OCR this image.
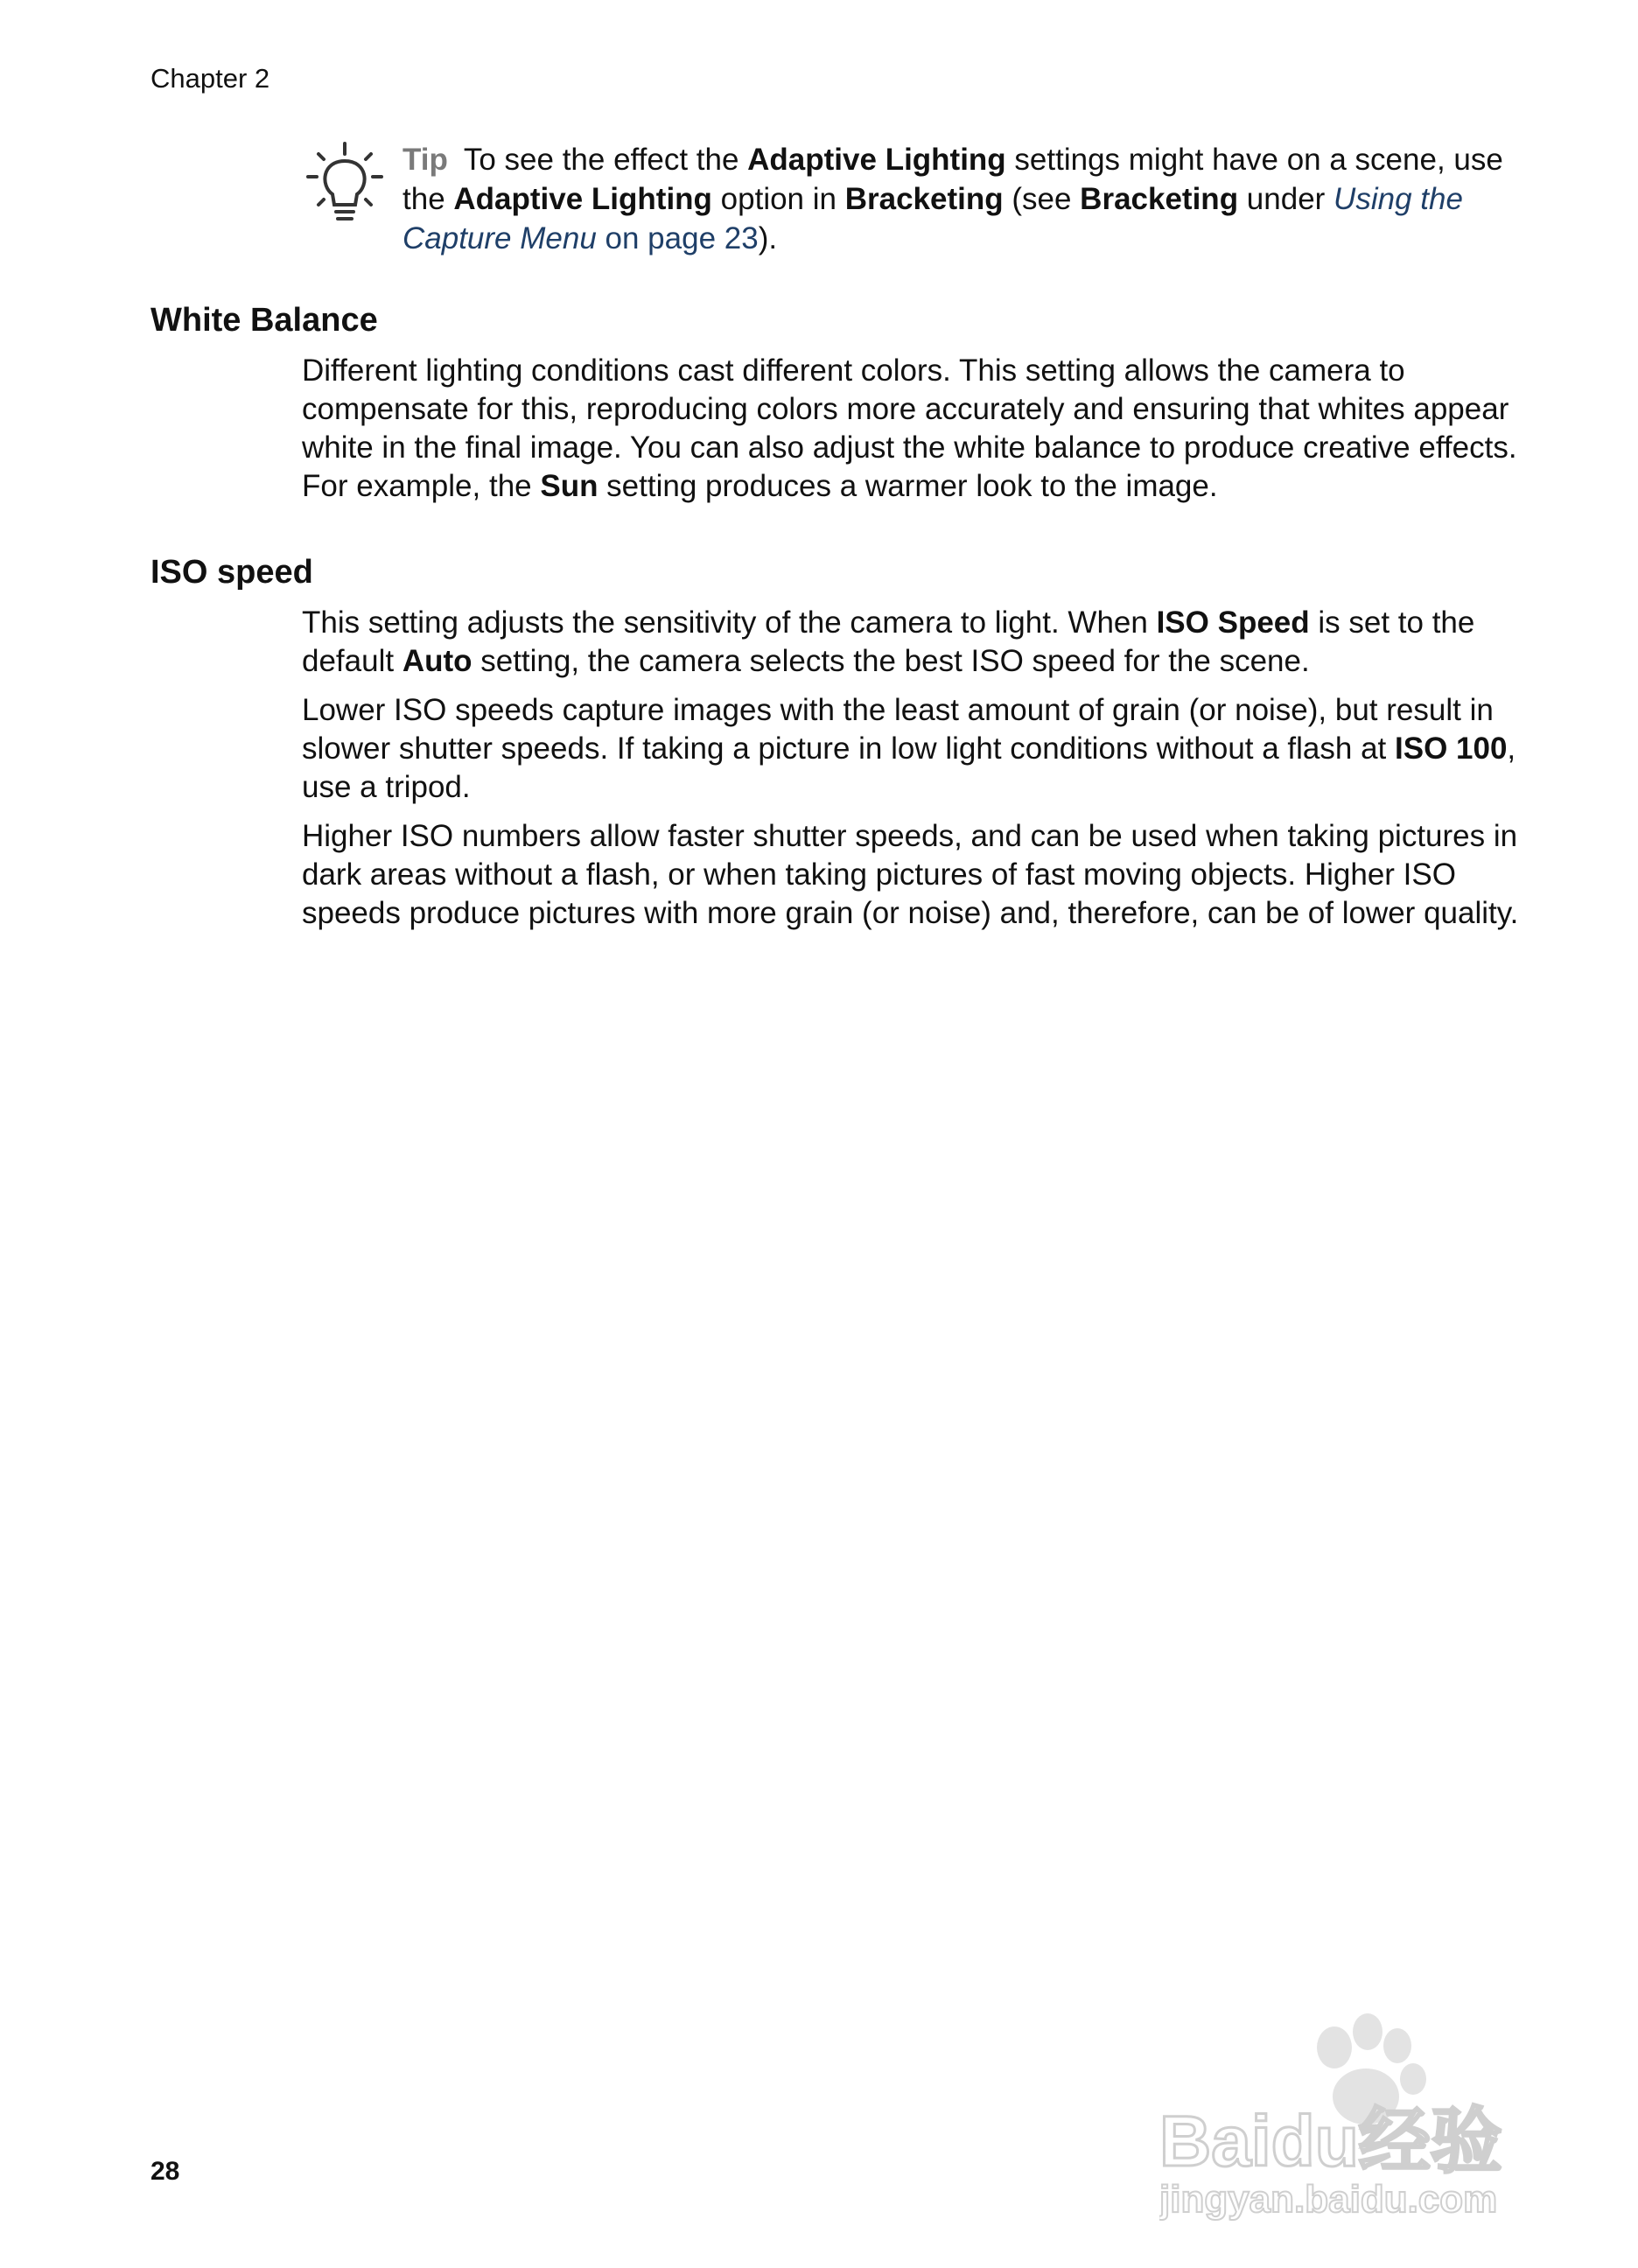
Chapter 2
Tip To see the effect the Adaptive Lighting settings might have on a scene, use the Adaptive Lighting option in Bracketing (see Bracketing under Using the Capture Menu on page 23).
White Balance

Different lighting conditions cast different colors. This setting allows the camera to compensate for this, reproducing colors more accurately and ensuring that whites appear white in the final image. You can also adjust the white balance to produce creative effects. For example, the Sun setting produces a warmer look to the image.

ISO speed

This setting adjusts the sensitivity of the camera to light. When ISO Speed is set to the default Auto setting, the camera selects the best ISO speed for the scene.

Lower ISO speeds capture images with the least amount of grain (or noise), but result in slower shutter speeds. If taking a picture in low light conditions without a flash at ISO 100, use a tripod.

Higher ISO numbers allow faster shutter speeds, and can be used when taking pictures in dark areas without a flash, or when taking pictures of fast moving objects. Higher ISO speeds produce pictures with more grain (or noise) and, therefore, can be of lower quality.

28	Baidu经验
jingyan.baidu.com
